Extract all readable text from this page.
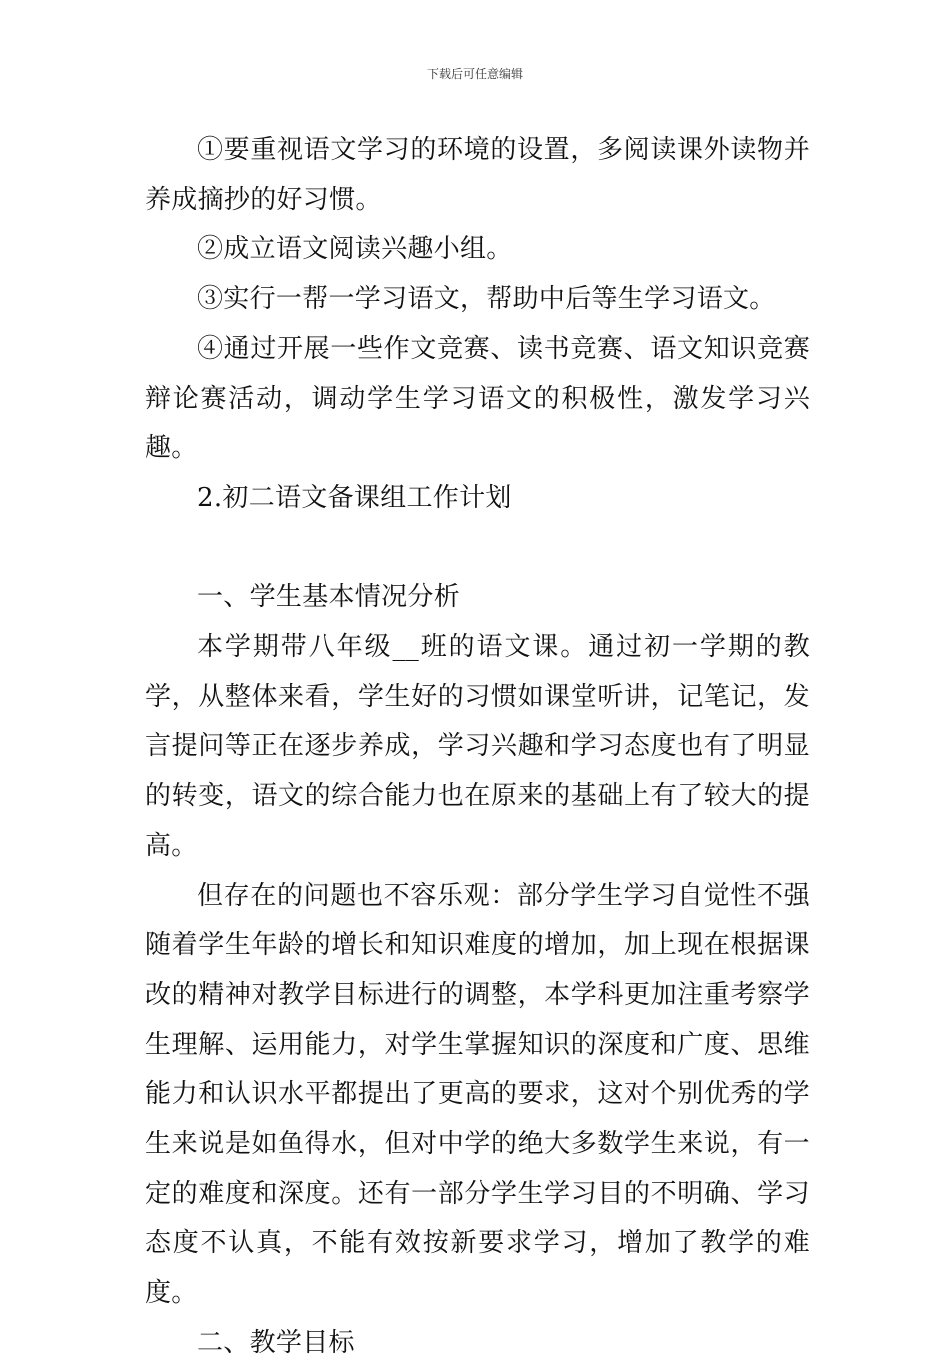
下载后可任意编辑

①要重视语文学习的环境的设置，多阅读课外读物并养成摘抄的好习惯。

②成立语文阅读兴趣小组。

③实行一帮一学习语文，帮助中后等生学习语文。

④通过开展一些作文竞赛、读书竞赛、语文知识竞赛辩论赛活动，调动学生学习语文的积极性，激发学习兴趣。

2.初二语文备课组工作计划

一、学生基本情况分析

本学期带八年级__班的语文课。通过初一学期的教学，从整体来看，学生好的习惯如课堂听讲，记笔记，发言提问等正在逐步养成，学习兴趣和学习态度也有了明显的转变，语文的综合能力也在原来的基础上有了较大的提高。

但存在的问题也不容乐观：部分学生学习自觉性不强随着学生年龄的增长和知识难度的增加，加上现在根据课改的精神对教学目标进行的调整，本学科更加注重考察学生理解、运用能力，对学生掌握知识的深度和广度、思维能力和认识水平都提出了更高的要求，这对个别优秀的学生来说是如鱼得水，但对中学的绝大多数学生来说，有一定的难度和深度。还有一部分学生学习目的不明确、学习态度不认真，不能有效按新要求学习，增加了教学的难度。

二、教学目标
